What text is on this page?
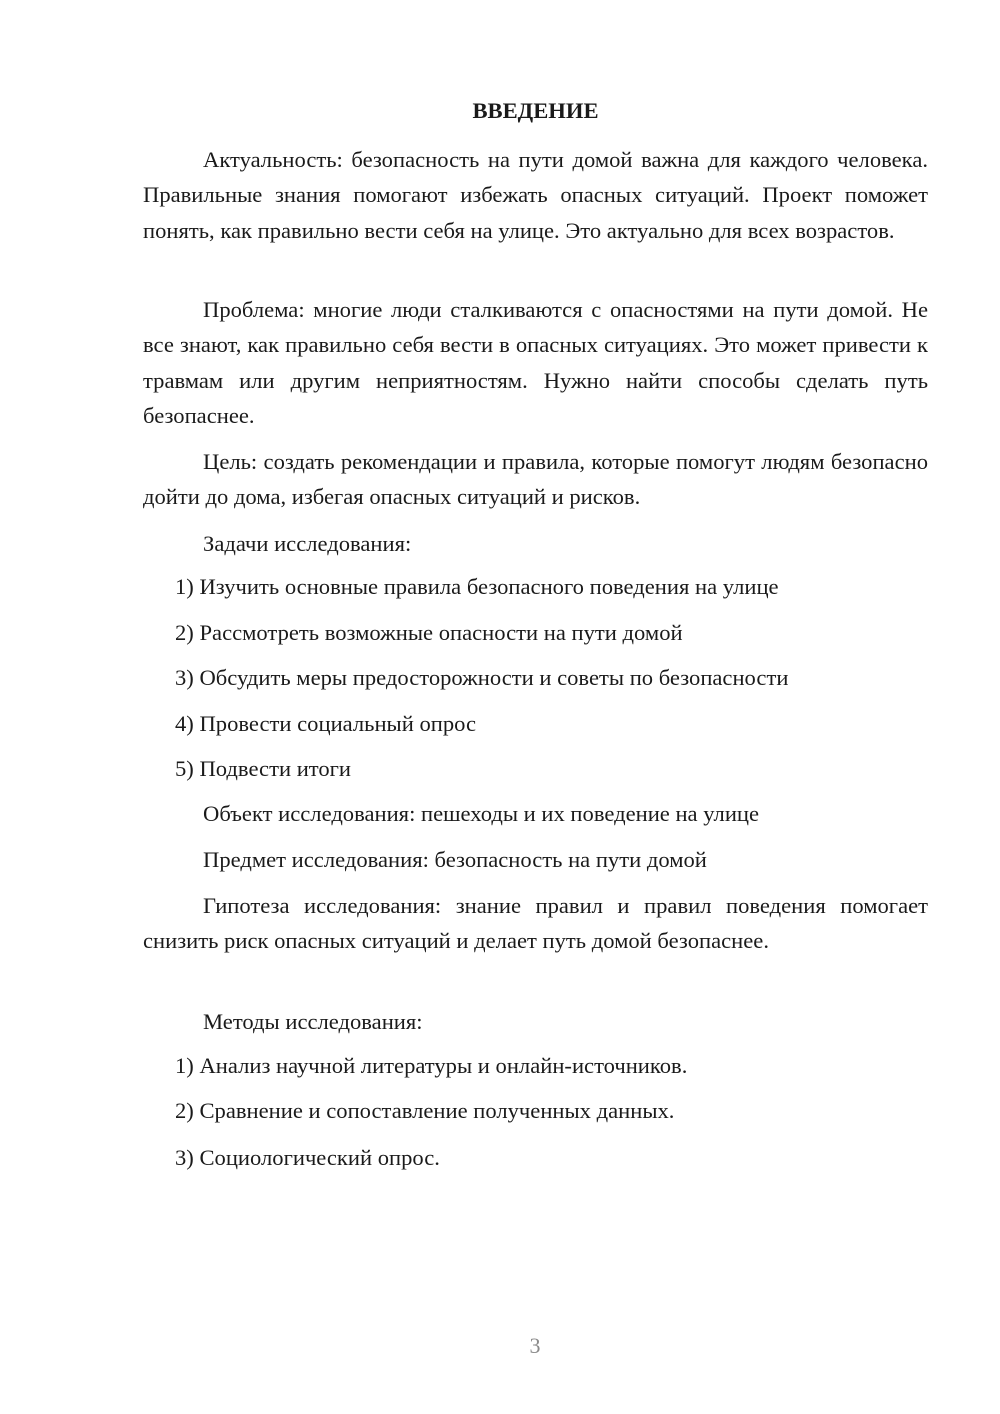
ВВЕДЕНИЕ

Актуальность: безопасность на пути домой важна для каждого человека. Правильные знания помогают избежать опасных ситуаций. Проект поможет понять, как правильно вести себя на улице. Это актуально для всех возрастов.

Проблема: многие люди сталкиваются с опасностями на пути домой. Не все знают, как правильно себя вести в опасных ситуациях. Это может привести к травмам или другим неприятностям. Нужно найти способы сделать путь безопаснее.

Цель: создать рекомендации и правила, которые помогут людям безопасно дойти до дома, избегая опасных ситуаций и рисков.

Задачи исследования:
1) Изучить основные правила безопасного поведения на улице
2) Рассмотреть возможные опасности на пути домой
3) Обсудить меры предосторожности и советы по безопасности
4) Провести социальный опрос
5) Подвести итоги
Объект исследования: пешеходы и их поведение на улице
Предмет исследования: безопасность на пути домой

Гипотеза исследования: знание правил и правил поведения помогает снизить риск опасных ситуаций и делает путь домой безопаснее.

Методы исследования:
1) Анализ научной литературы и онлайн-источников.
2) Сравнение и сопоставление полученных данных.
3) Социологический опрос.
3
